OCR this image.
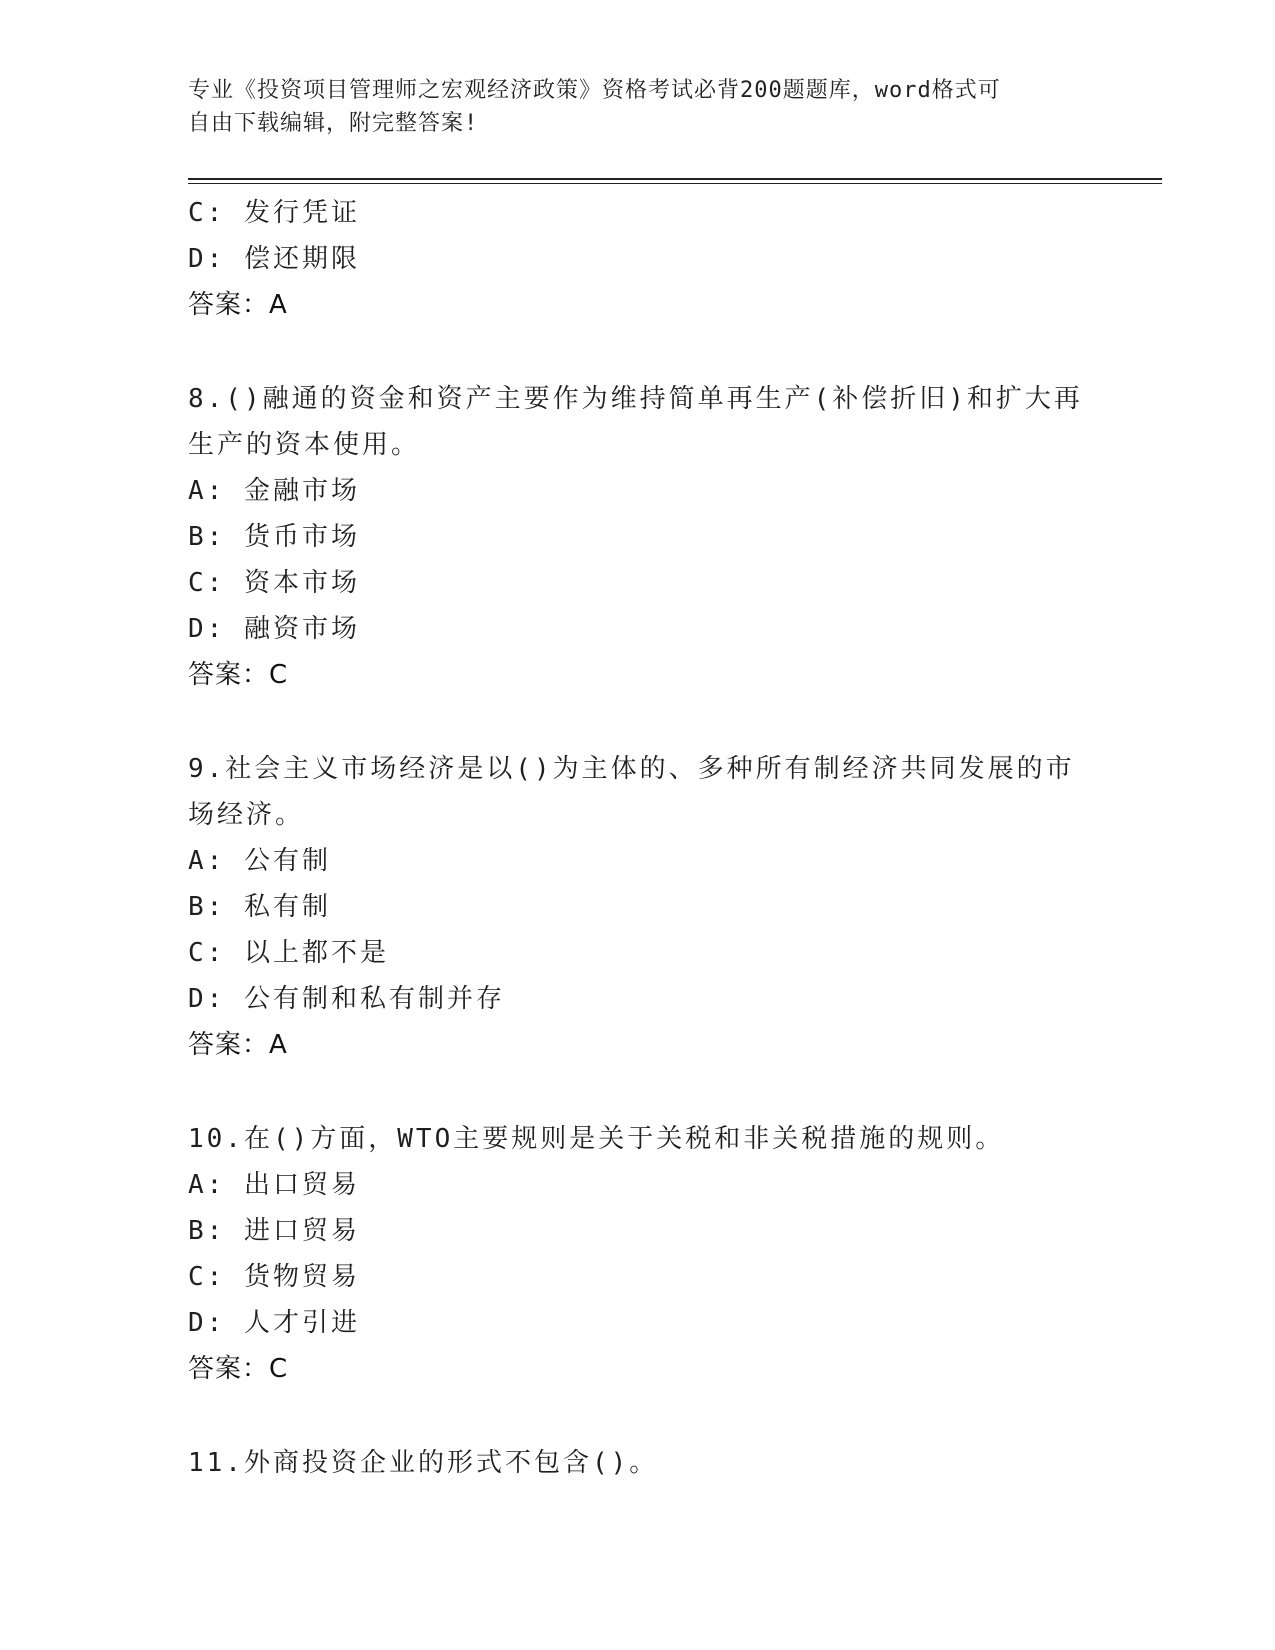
专业《投资项目管理师之宏观经济政策》资格考试必背200题题库，word格式可
自由下载编辑，附完整答案!
C: 发行凭证
D: 偿还期限
答案：A
8.()融通的资金和资产主要作为维持简单再生产(补偿折旧)和扩大再
生产的资本使用。
A: 金融市场
B: 货币市场
C: 资本市场
D: 融资市场
答案：C
9.社会主义市场经济是以()为主体的、多种所有制经济共同发展的市
场经济。
A: 公有制
B: 私有制
C: 以上都不是
D: 公有制和私有制并存
答案：A
10.在()方面，WTO主要规则是关于关税和非关税措施的规则。
A: 出口贸易
B: 进口贸易
C: 货物贸易
D: 人才引进
答案：C
11.外商投资企业的形式不包含()。
